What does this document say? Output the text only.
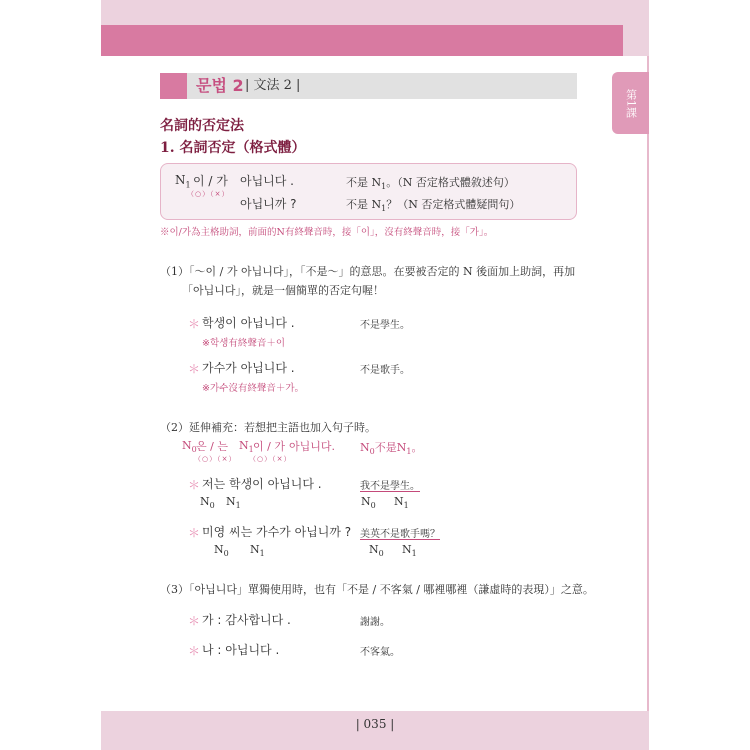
第1課
문법 2 | 文法 2 |
名詞的否定法
1. 名詞否定（格式體）
$N_1$ 이 / 가
（○）（×）
아닙니다 .	不是 $N_1$。（N 否定格式體敘述句）
아닙니까 ?	不是 $N_1$？（N 否定格式體疑問句）
※이/가為主格助詞，前面的N有終聲音時，接「이」，沒有終聲音時，接「가」。
（1）「～이 / 가 아닙니다」，「不是～」的意思。在要被否定的 N 後面加上助詞，再加
「아닙니다」，就是一個簡單的否定句喔！
＊ 학생이 아닙니다 .	不是學生。
※학생有終聲音＋이
＊ 가수가 아닙니다 .	不是歌手。
※가수沒有終聲音＋가。
（2）延伸補充：若想把主語也加入句子時。
$N_0$ 은 / 는
（○）（×）
$N_1$ 이 / 가
（○）（×）
아닙니다. $N_0$不是$N_1$。
＊ 저는 학생이 아닙니다 .	我不是學生。
$N_0$ $N_1$	$N_0$ $N_1$
＊ 미영 씨는 가수가 아닙니까 ? 美英不是歌手嗎？
$N_0$ $N_1$	$N_0$ $N_1$
（3）「아닙니다」單獨使用時，也有「不是 / 不客氣 / 哪裡哪裡（謙虛時的表現）」之意。
＊ 가 : 감사합니다 .	謝謝。
＊ 나 : 아닙니다 .	不客氣。
| 035 |
